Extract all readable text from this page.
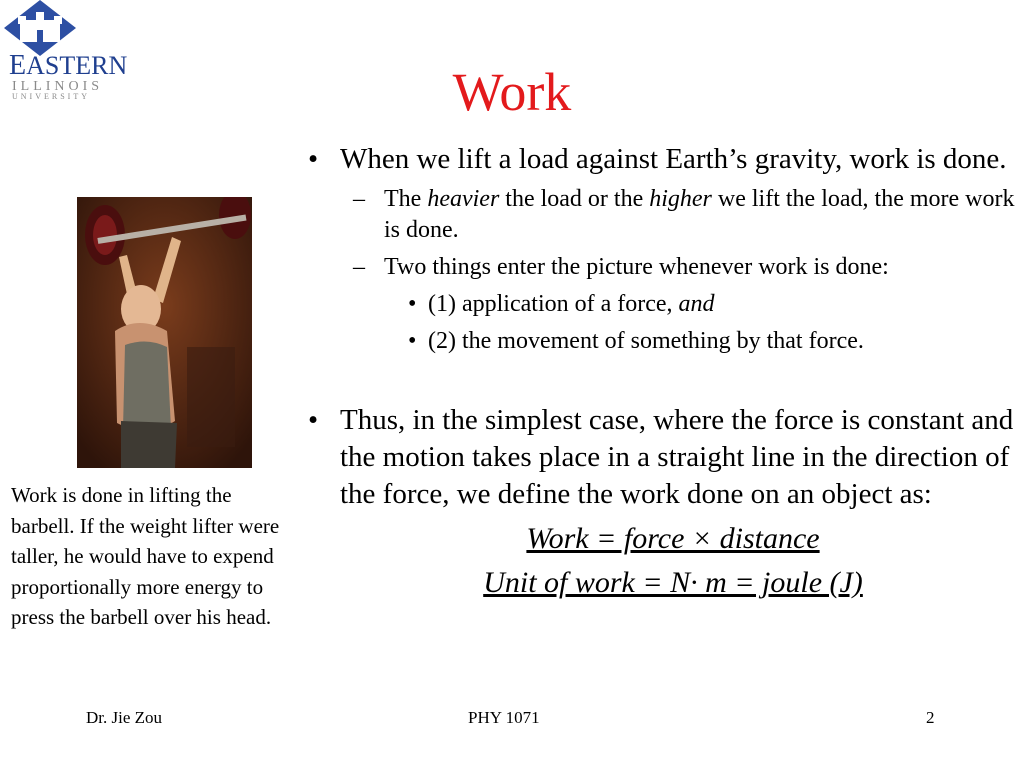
EASTERN
ILLINOIS
UNIVERSITY	Work
Work is done in lifting the barbell. If the weight lifter were taller, he would have to expend proportionally more energy to press the barbell over his head.
• When we lift a load against Earth’s gravity, work is done.
– The heavier the load or the higher we lift the load, the more work is done.
– Two things enter the picture whenever work is done:
• (1) application of a force, and
• (2) the movement of something by that force.
• Thus, in the simplest case, where the force is constant and the motion takes place in a straight line in the direction of the force, we define the work done on an object as:
Work = force × distance
Unit of work = N· m = joule (J)
Dr. Jie Zou	PHY 1071	2
